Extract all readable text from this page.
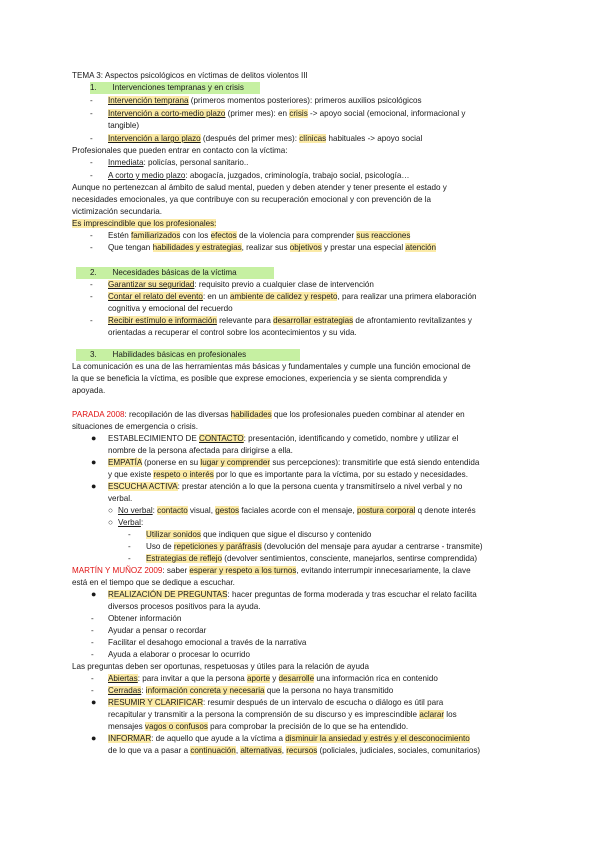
TEMA 3: Aspectos psicológicos en víctimas de delitos violentos III
1. Intervenciones tempranas y en crisis
- Intervención temprana (primeros momentos posteriores): primeros auxilios psicológicos
- Intervención a corto-medio plazo (primer mes): en crisis -> apoyo social (emocional, informacional y
tangible)
- Intervención a largo plazo (después del primer mes): clínicas habituales -> apoyo social
Profesionales que pueden entrar en contacto con la víctima:
- Inmediata: policías, personal sanitario..
- A corto y medio plazo: abogacía, juzgados, criminología, trabajo social, psicología…
Aunque no pertenezcan al ámbito de salud mental, pueden y deben atender y tener presente el estado y
necesidades emocionales, ya que contribuye con su recuperación emocional y con prevención de la
victimización secundaria.
Es imprescindible que los profesionales:
- Estén familiarizados con los efectos de la violencia para comprender sus reacciones
- Que tengan habilidades y estrategias, realizar sus objetivos y prestar una especial atención
2. Necesidades básicas de la víctima
- Garantizar su seguridad: requisito previo a cualquier clase de intervención
- Contar el relato del evento: en un ambiente de calidez y respeto, para realizar una primera elaboración
cognitiva y emocional del recuerdo
- Recibir estímulo e información relevante para desarrollar estrategias de afrontamiento revitalizantes y
orientadas a recuperar el control sobre los acontecimientos y su vida.
3. Habilidades básicas en profesionales
La comunicación es una de las herramientas más básicas y fundamentales y cumple una función emocional de
la que se beneficia la víctima, es posible que exprese emociones, experiencia y se sienta comprendida y
apoyada.
PARADA 2008: recopilación de las diversas habilidades que los profesionales pueden combinar al atender en
situaciones de emergencia o crisis.
● ESTABLECIMIENTO DE CONTACTO: presentación, identificando y cometido, nombre y utilizar el
nombre de la persona afectada para dirigirse a ella.
● EMPATÍA (ponerse en su lugar y comprender sus percepciones): transmitirle que está siendo entendida
y que existe respeto o interés por lo que es importante para la víctima, por su estado y necesidades.
● ESCUCHA ACTIVA: prestar atención a lo que la persona cuenta y transmitírselo a nivel verbal y no
verbal.
○ No verbal: contacto visual, gestos faciales acorde con el mensaje, postura corporal q denote interés
○ Verbal:
- Utilizar sonidos que indiquen que sigue el discurso y contenido
- Uso de repeticiones y paráfrasis (devolución del mensaje para ayudar a centrarse - transmite)
- Estrategias de reflejo (devolver sentimientos, consciente, manejarlos, sentirse comprendida)
MARTÍN Y MUÑOZ 2009: saber esperar y respeto a los turnos, evitando interrumpir innecesariamente, la clave
está en el tiempo que se dedique a escuchar.
● REALIZACIÓN DE PREGUNTAS: hacer preguntas de forma moderada y tras escuchar el relato facilita
diversos procesos positivos para la ayuda.
- Obtener información
- Ayudar a pensar o recordar
- Facilitar el desahogo emocional a través de la narrativa
- Ayuda a elaborar o procesar lo ocurrido
Las preguntas deben ser oportunas, respetuosas y útiles para la relación de ayuda
- Abiertas: para invitar a que la persona aporte y desarrolle una información rica en contenido
- Cerradas: información concreta y necesaria que la persona no haya transmitido
● RESUMIR Y CLARIFICAR: resumir después de un intervalo de escucha o diálogo es útil para
recapitular y transmitir a la persona la comprensión de su discurso y es imprescindible aclarar los
mensajes vagos o confusos para comprobar la precisión de lo que se ha entendido.
● INFORMAR: de aquello que ayude a la víctima a disminuir la ansiedad y estrés y el desconocimiento
de lo que va a pasar a continuación, alternativas, recursos (policiales, judiciales, sociales, comunitarios)
